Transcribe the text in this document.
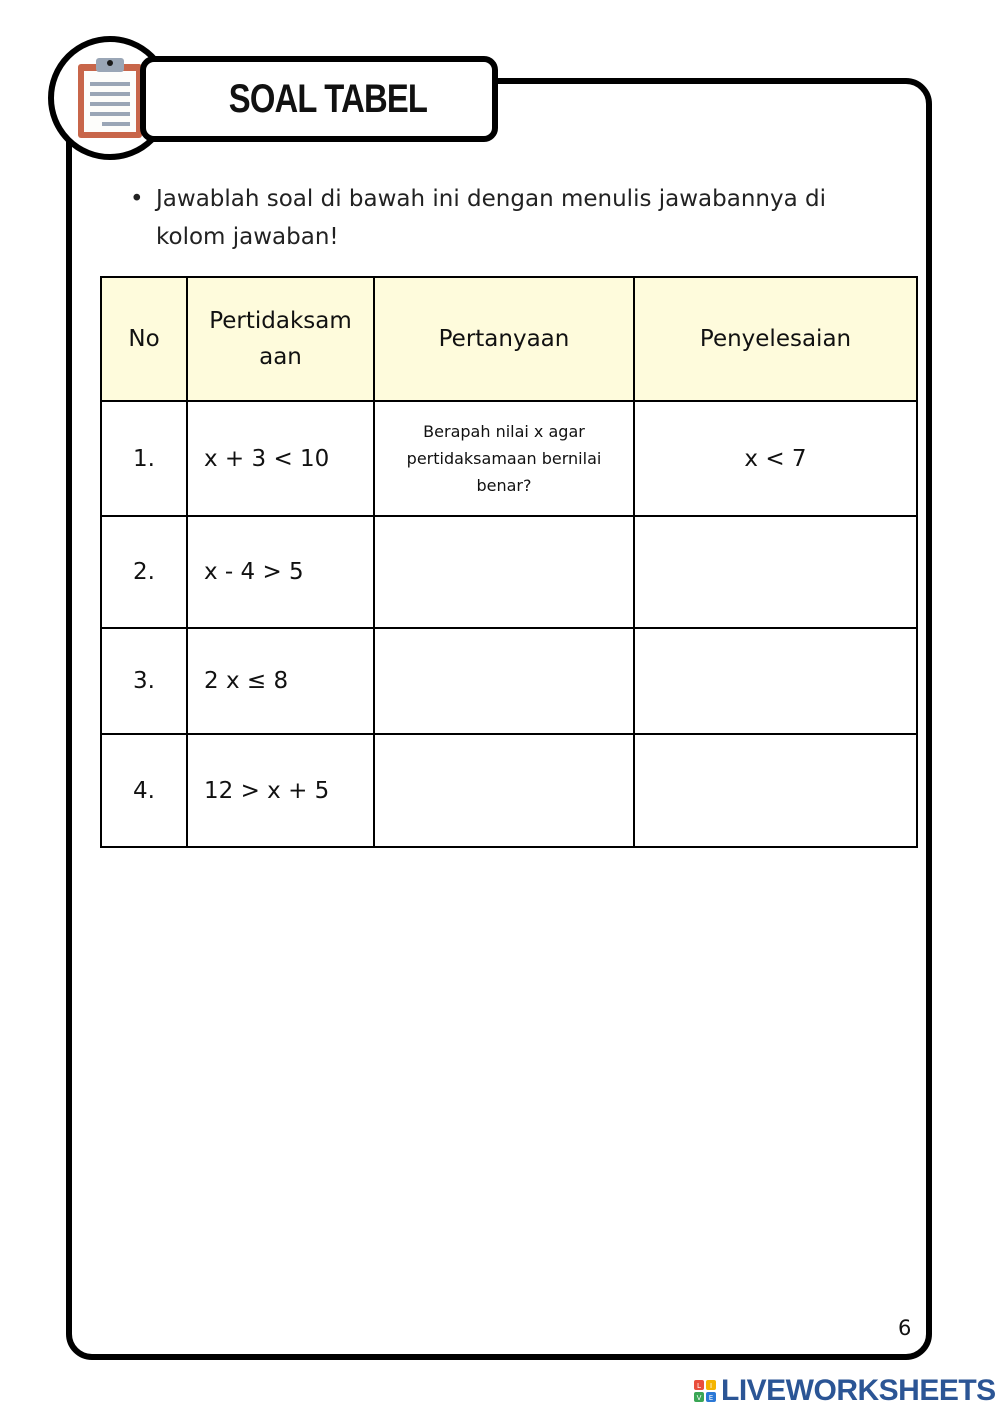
SOAL TABEL
• Jawablah soal di bawah ini dengan menulis jawabannya di kolom jawaban!
No	Pertidaksamaan	Pertanyaan	Penyelesaian
1.	x + 3 < 10	Berapah nilai x agar pertidaksamaan bernilai benar?	x < 7
2.	x - 4 > 5		
3.	2 x ≤ 8		
4.	12 > x + 5		
6
L I
V E LIVEWORKSHEETS
